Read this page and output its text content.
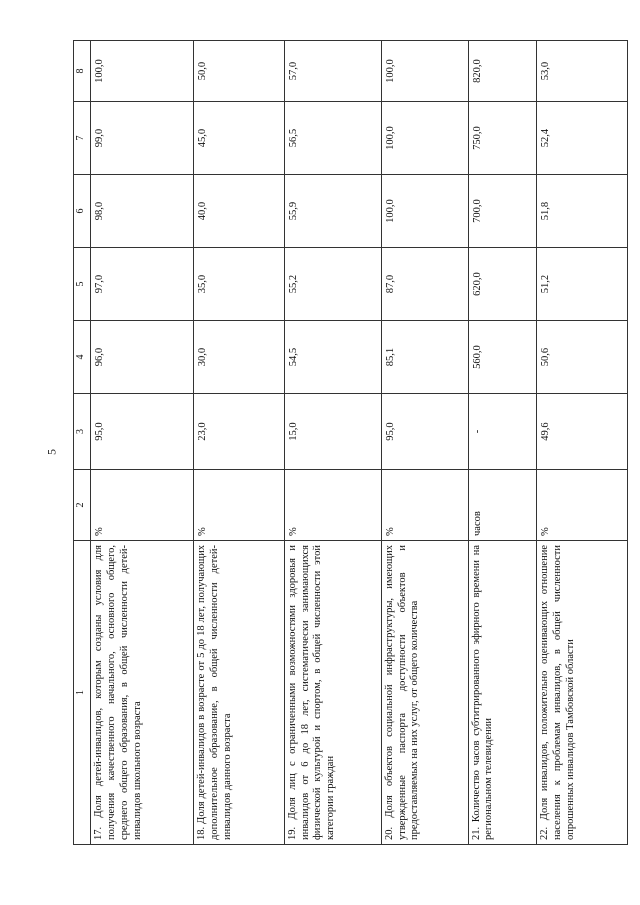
5
1	2	3	4	5	6	7	8	
17. Доля детей-инвалидов, которым созданы условия для получения качественного начального, основного общего, среднего общего образования, в общей численности детей-инвалидов школьного возраста	%	95,0	96,0	97,0	98,0	99,0	100,0	
18. Доля детей-инвалидов в возрасте от 5 до 18 лет, получающих дополнительное образование, в общей численности детей-инвалидов данного возраста	%	23,0	30,0	35,0	40,0	45,0	50,0	
19. Доля лиц с ограниченными возможностями здоровья и инвалидов от 6 до 18 лет, систематически занимающихся физической культурой и спортом, в общей численности этой категории граждан	%	15,0	54,5	55,2	55,9	56,5	57,0	
20. Доля объектов социальной инфраструктуры, имеющих утвержденные паспорта доступности объектов и предоставляемых на них услуг, от общего количества	%	95,0	85,1	87,0	100,0	100,0	100,0	
21. Количество часов субтитрированного эфирного времени на региональном телевидении	часов	-	560,0	620,0	700,0	750,0	820,0	
22. Доля инвалидов, положительно оценивающих отношение населения к проблемам инвалидов, в общей численности опрошенных инвалидов Тамбовской области	%	49,6	50,6	51,2	51,8	52,4	53,0	
